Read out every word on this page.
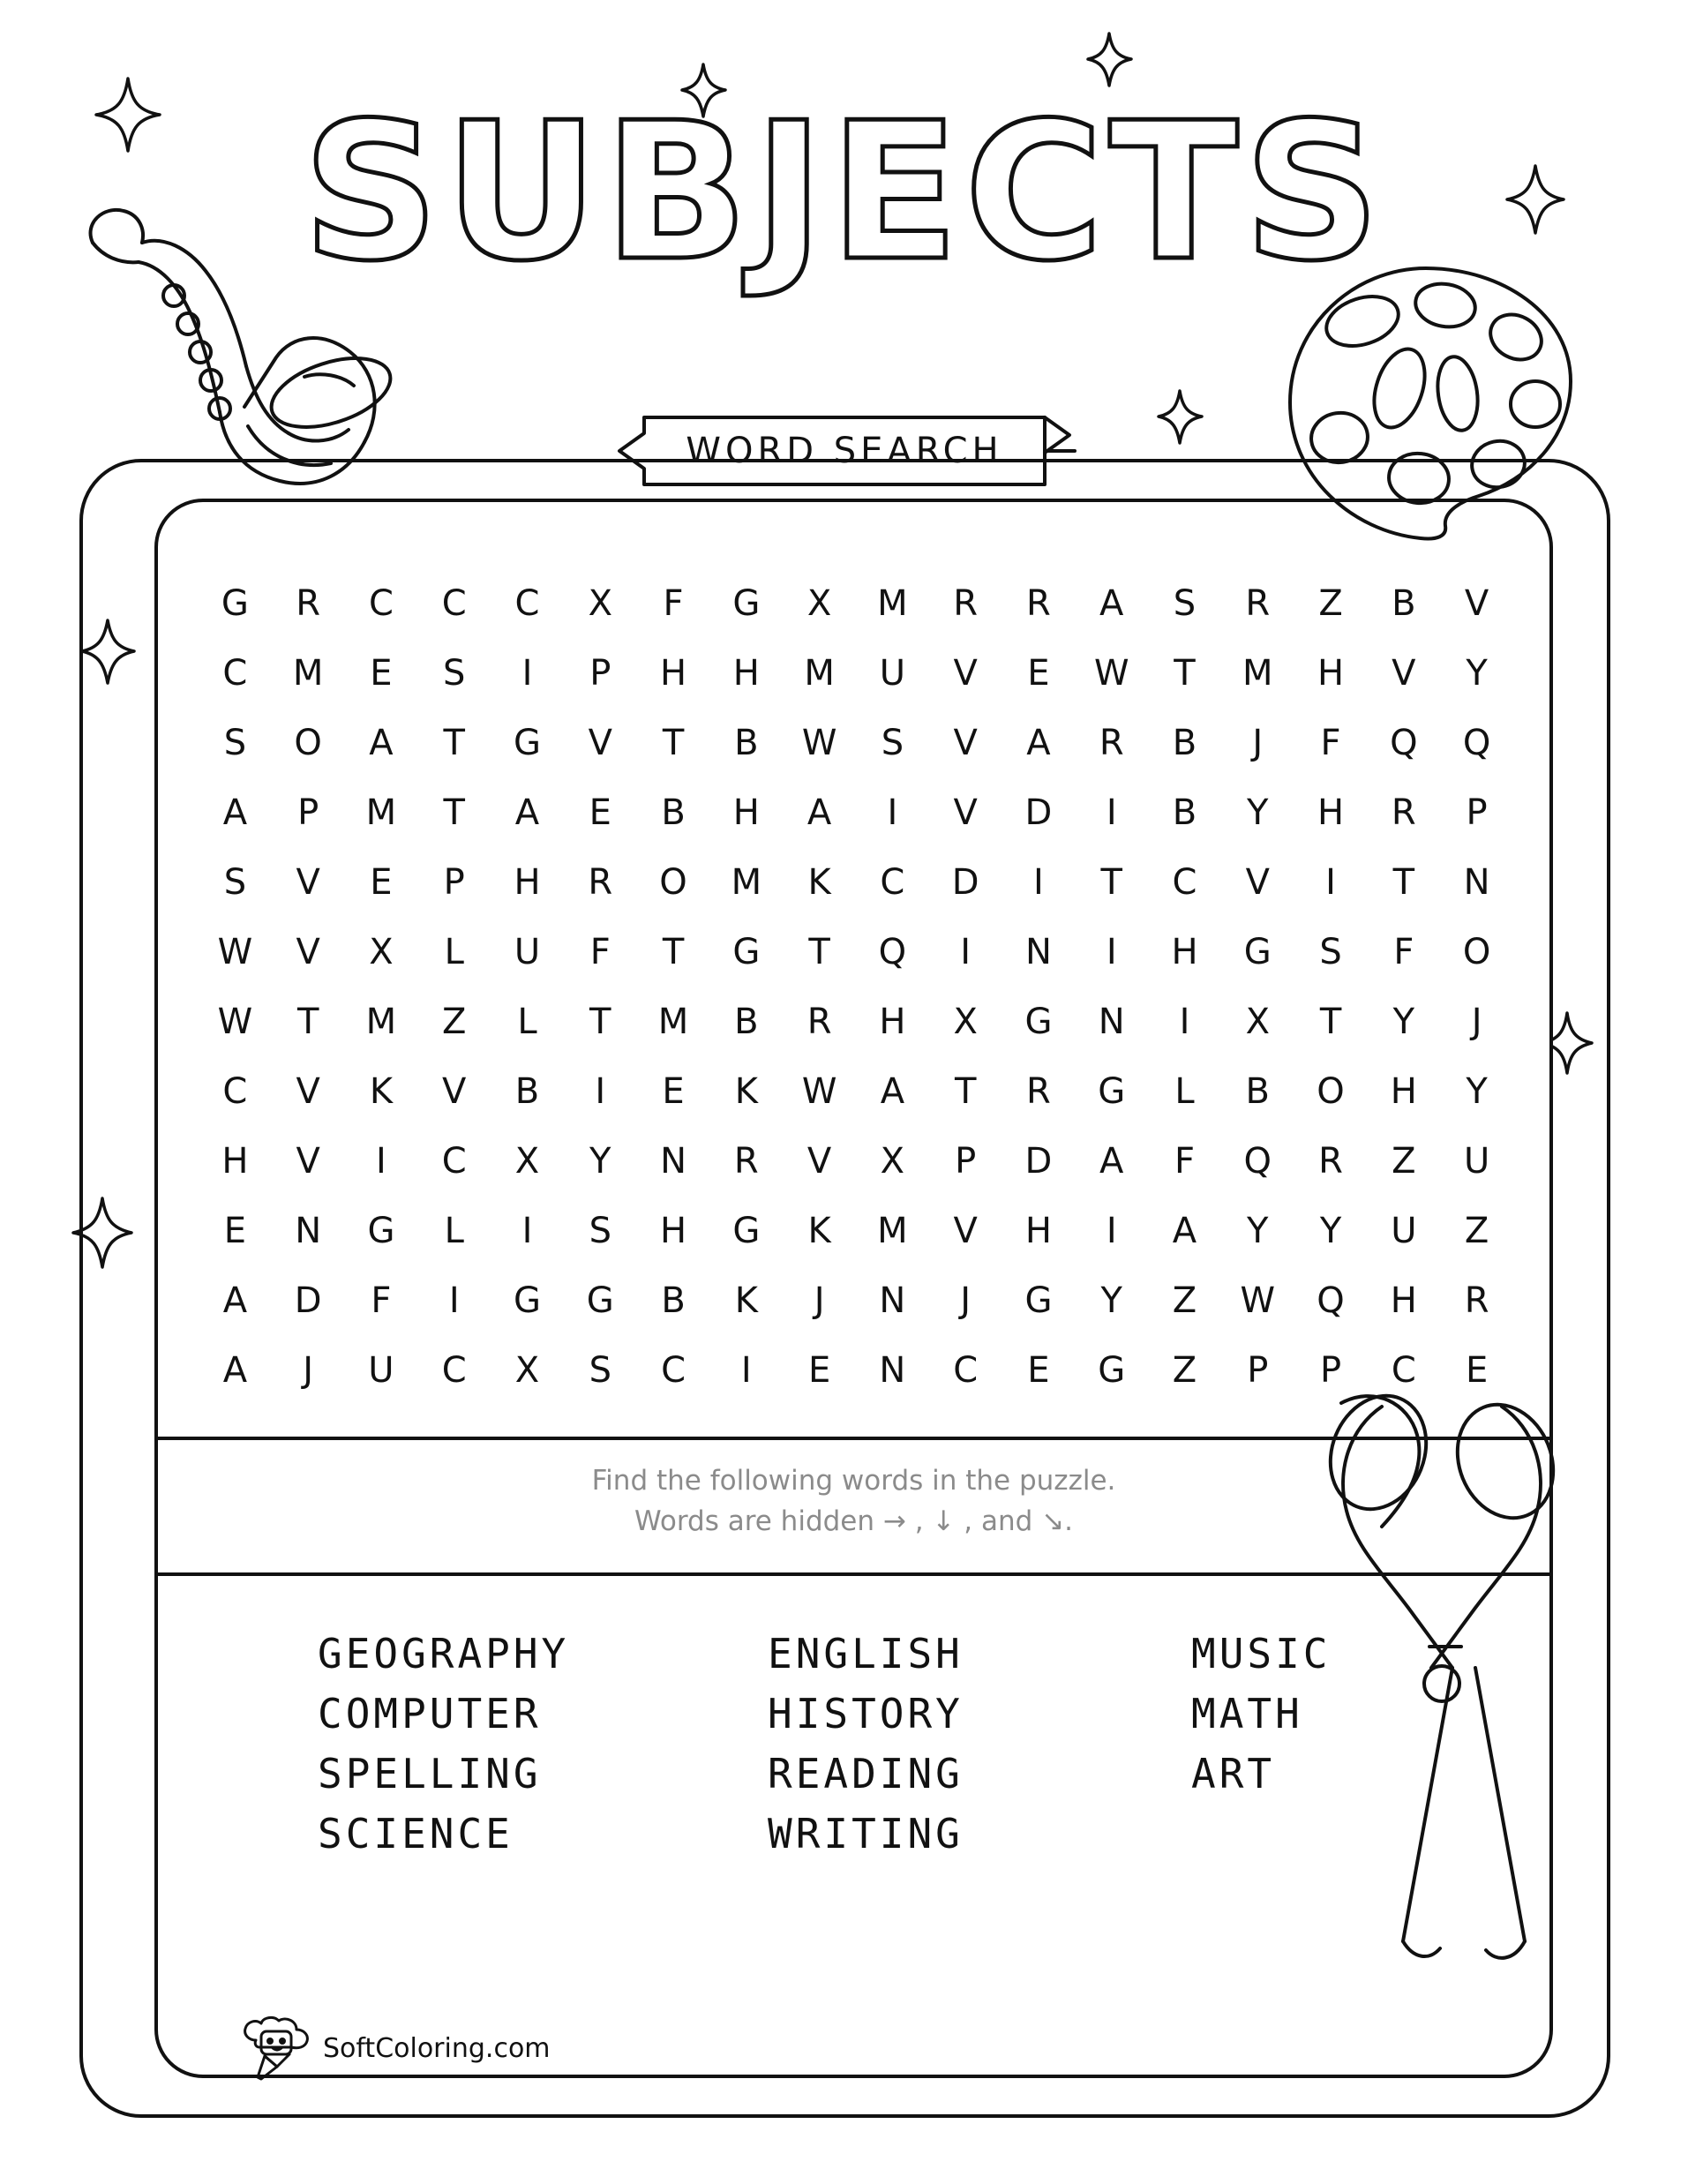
SUBJECTS
WORD SEARCH
G	R	C	C	C	X	F	G	X	M	R	R	A	S	R	Z	B	V
C	M	E	S	I	P	H	H	M	U	V	E	W	T	M	H	V	Y
S	O	A	T	G	V	T	B	W	S	V	A	R	B	J	F	Q	Q
A	P	M	T	A	E	B	H	A	I	V	D	I	B	Y	H	R	P
S	V	E	P	H	R	O	M	K	C	D	I	T	C	V	I	T	N
W	V	X	L	U	F	T	G	T	Q	I	N	I	H	G	S	F	O
W	T	M	Z	L	T	M	B	R	H	X	G	N	I	X	T	Y	J
C	V	K	V	B	I	E	K	W	A	T	R	G	L	B	O	H	Y
H	V	I	C	X	Y	N	R	V	X	P	D	A	F	Q	R	Z	U
E	N	G	L	I	S	H	G	K	M	V	H	I	A	Y	Y	U	Z
A	D	F	I	G	G	B	K	J	N	J	G	Y	Z	W	Q	H	R
A	J	U	C	X	S	C	I	E	N	C	E	G	Z	P	P	C	E
Find the following words in the puzzle.
Words are hidden → , ↓ , and ↘.
GEOGRAPHY
COMPUTER
SPELLING
SCIENCE
ENGLISH
HISTORY
READING
WRITING
MUSIC
MATH
ART
SoftColoring.com
